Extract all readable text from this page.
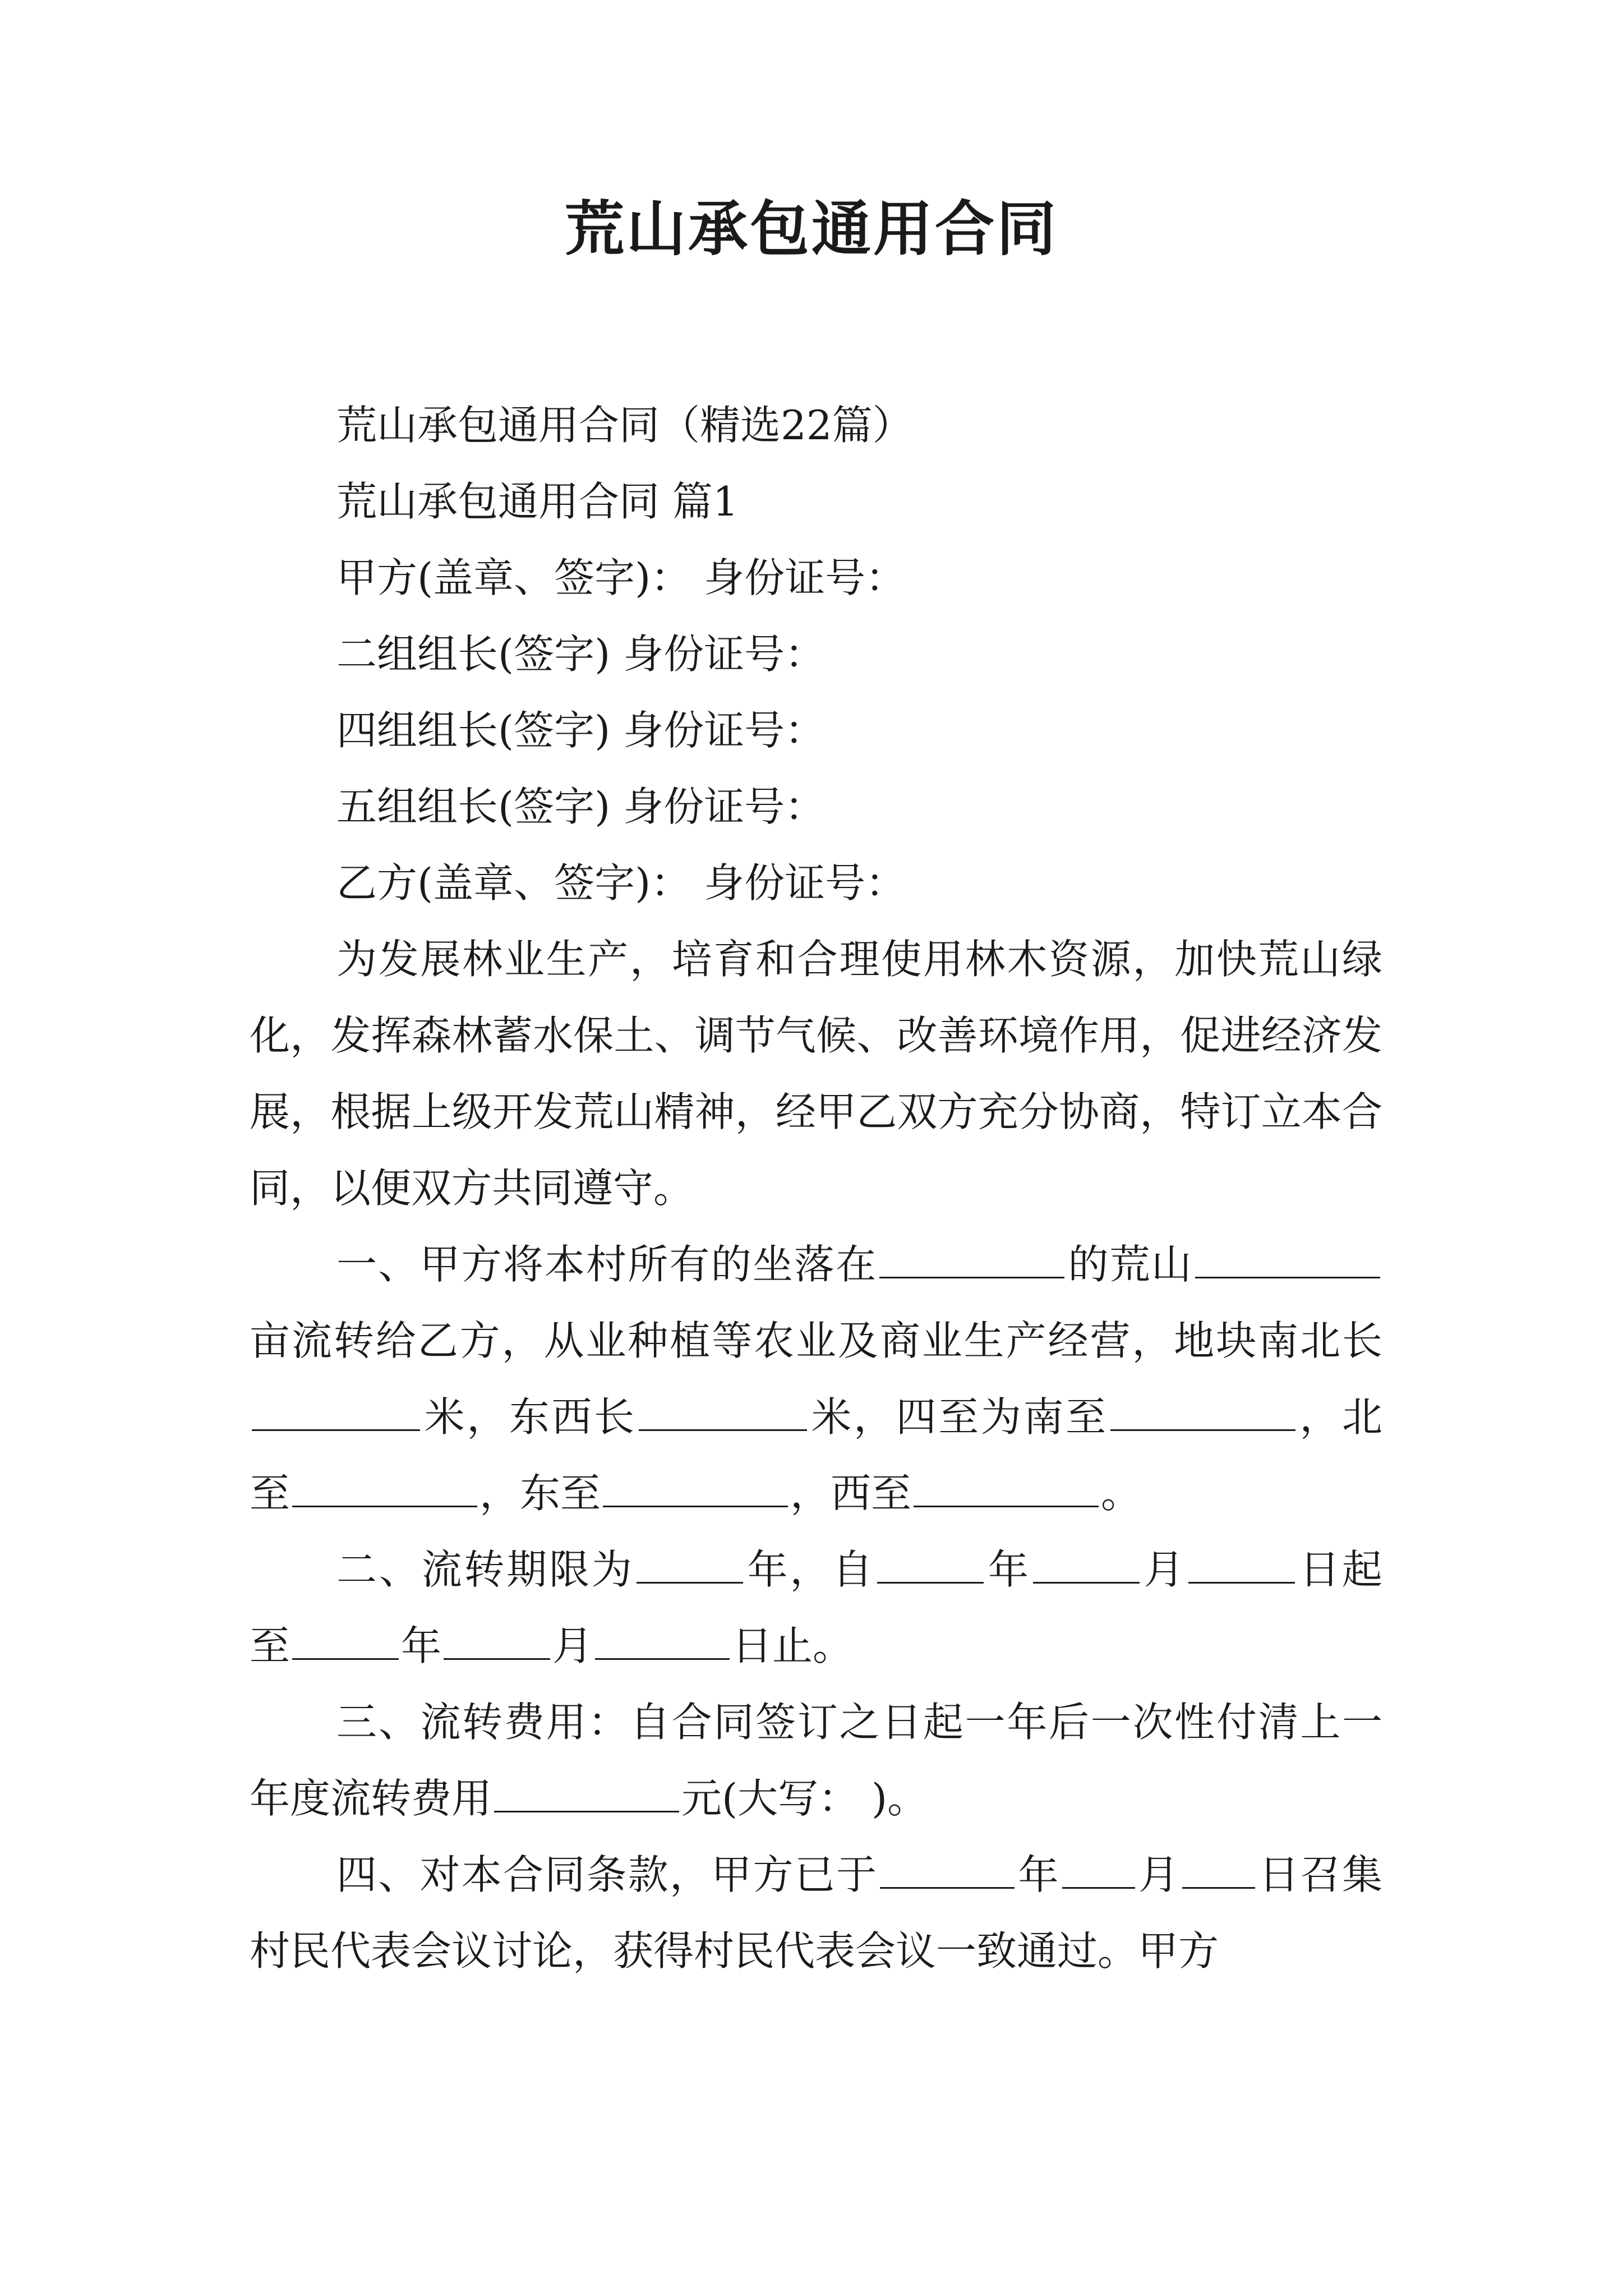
荒山承包通用合同

荒山承包通用合同（精选22篇）

荒山承包通用合同 篇1

甲方(盖章、签字)： 身份证号：

二组组长(签字) 身份证号：

四组组长(签字) 身份证号：

五组组长(签字) 身份证号：

乙方(盖章、签字)： 身份证号：

为发展林业生产，培育和合理使用林木资源，加快荒山绿化，发挥森林蓄水保土、调节气候、改善环境作用，促进经济发展，根据上级开发荒山精神，经甲乙双方充分协商，特订立本合同，以便双方共同遵守。

一、甲方将本村所有的坐落在	的荒山亩流转给乙方，从业种植等农业及商业生产经营，地块南北长米，东西长	米，四至为南至	，北至	，东至	，西至	。

二、流转期限为	年，自	年	月	日起 至	年	月	日止。

三、流转费用：自合同签订之日起一年后一次性付清上一年度流转费用	元(大写： )。

四、对本合同条款，甲方已于	年 月 日召集村民代表会议讨论，获得村民代表会议一致通过。甲方
